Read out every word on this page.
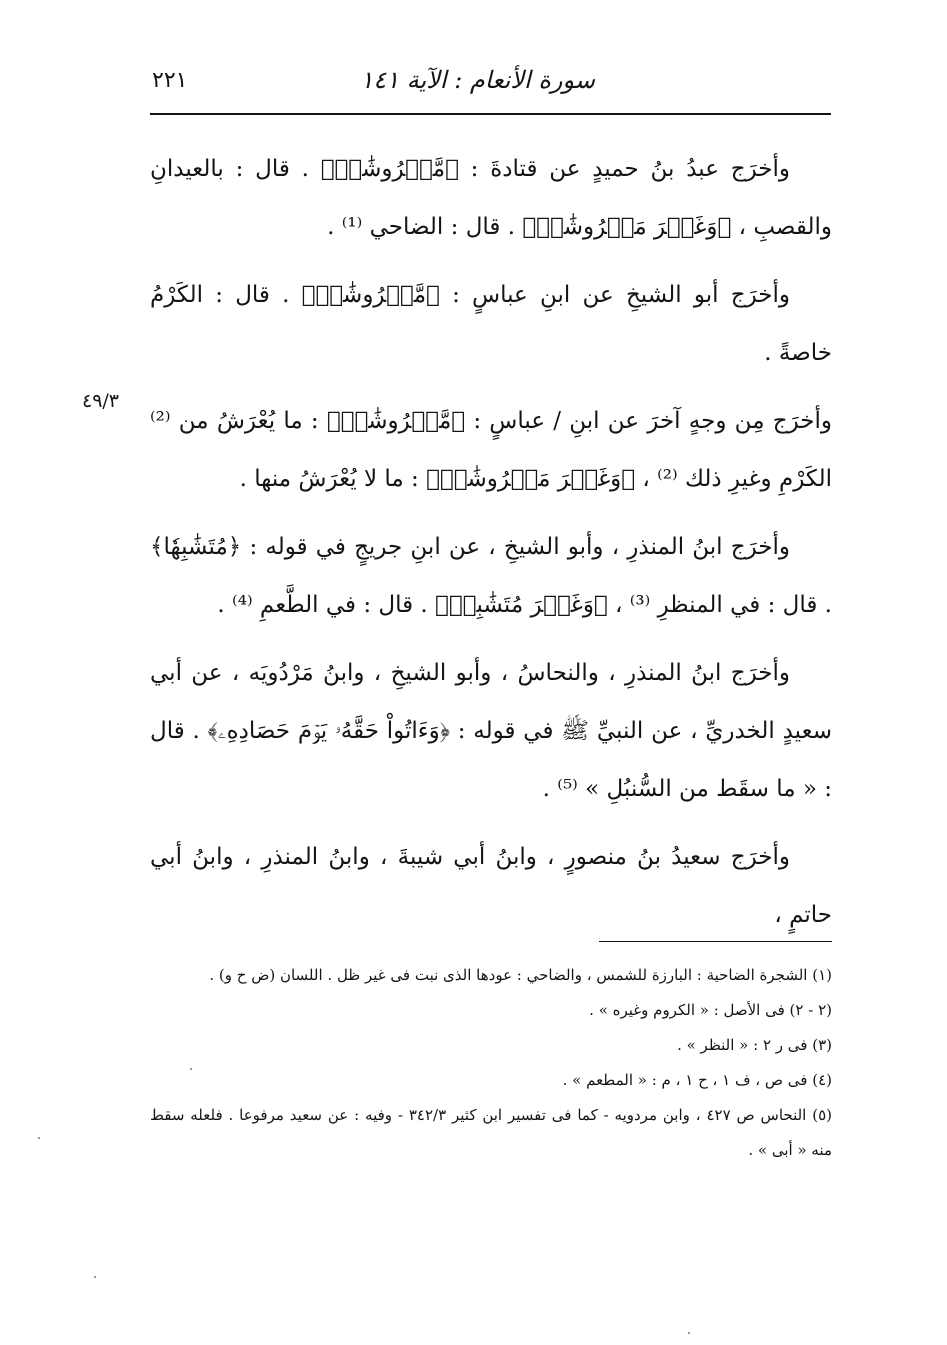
٢٢١	سورة الأنعام : الآية ١٤١
٤٩/٣

وأخرَج عبدُ بنُ حميدٍ عن قتادةَ : ﴿مَّعۡرُوشَٰتٖ﴾ . قال : بالعيدانِ والقصبِ ، ﴿وَغَيۡرَ مَعۡرُوشَٰتٖ﴾ . قال : الضاحي ⁽¹⁾ .

وأخرَج أبو الشيخِ عن ابنِ عباسٍ : ﴿مَّعۡرُوشَٰتٖ﴾ . قال : الكَرْمُ خاصةً .

وأخرَج مِن وجهٍ آخرَ عن ابنِ / عباسٍ : ﴿مَّعۡرُوشَٰتٖ﴾ : ما يُعْرَشُ من ⁽²⁾ الكَرْمِ وغيرِ ذلك ⁽²⁾ ، ﴿وَغَيۡرَ مَعۡرُوشَٰتٖ﴾ : ما لا يُعْرَشُ منها .

وأخرَج ابنُ المنذرِ ، وأبو الشيخِ ، عن ابنِ جريجٍ في قوله : ﴿مُتَشَٰبِهٗا﴾ . قال : في المنظرِ ⁽³⁾ ، ﴿وَغَيۡرَ مُتَشَٰبِهٖ﴾ . قال : في الطَّعمِ ⁽⁴⁾ .

وأخرَج ابنُ المنذرِ ، والنحاسُ ، وأبو الشيخِ ، وابنُ مَرْدُويَه ، عن أبي سعيدٍ الخدريِّ ، عن النبيِّ ﷺ في قوله : ﴿وَءَاتُواْ حَقَّهُۥ يَوۡمَ حَصَادِهِۦ﴾ . قال : « ما سقَط من السُّنبُلِ » ⁽⁵⁾ .

وأخرَج سعيدُ بنُ منصورٍ ، وابنُ أبي شيبةَ ، وابنُ المنذرِ ، وابنُ أبي حاتمٍ ،

(١) الشجرة الضاحية : البارزة للشمس ، والضاحي : عودها الذى نبت فى غير ظل . اللسان (ض ح و) .

(٢ - ٢) فى الأصل : « الكروم وغيره » .

(٣) فى ر ٢ : « النظر » .

(٤) فى ص ، ف ١ ، ح ١ ، م : « المطعم » .

(٥) النحاس ص ٤٢٧ ، وابن مردويه - كما فى تفسير ابن كثير ٣٤٢/٣ - وفيه : عن سعيد مرفوعا . فلعله سقط منه « أبى » .
